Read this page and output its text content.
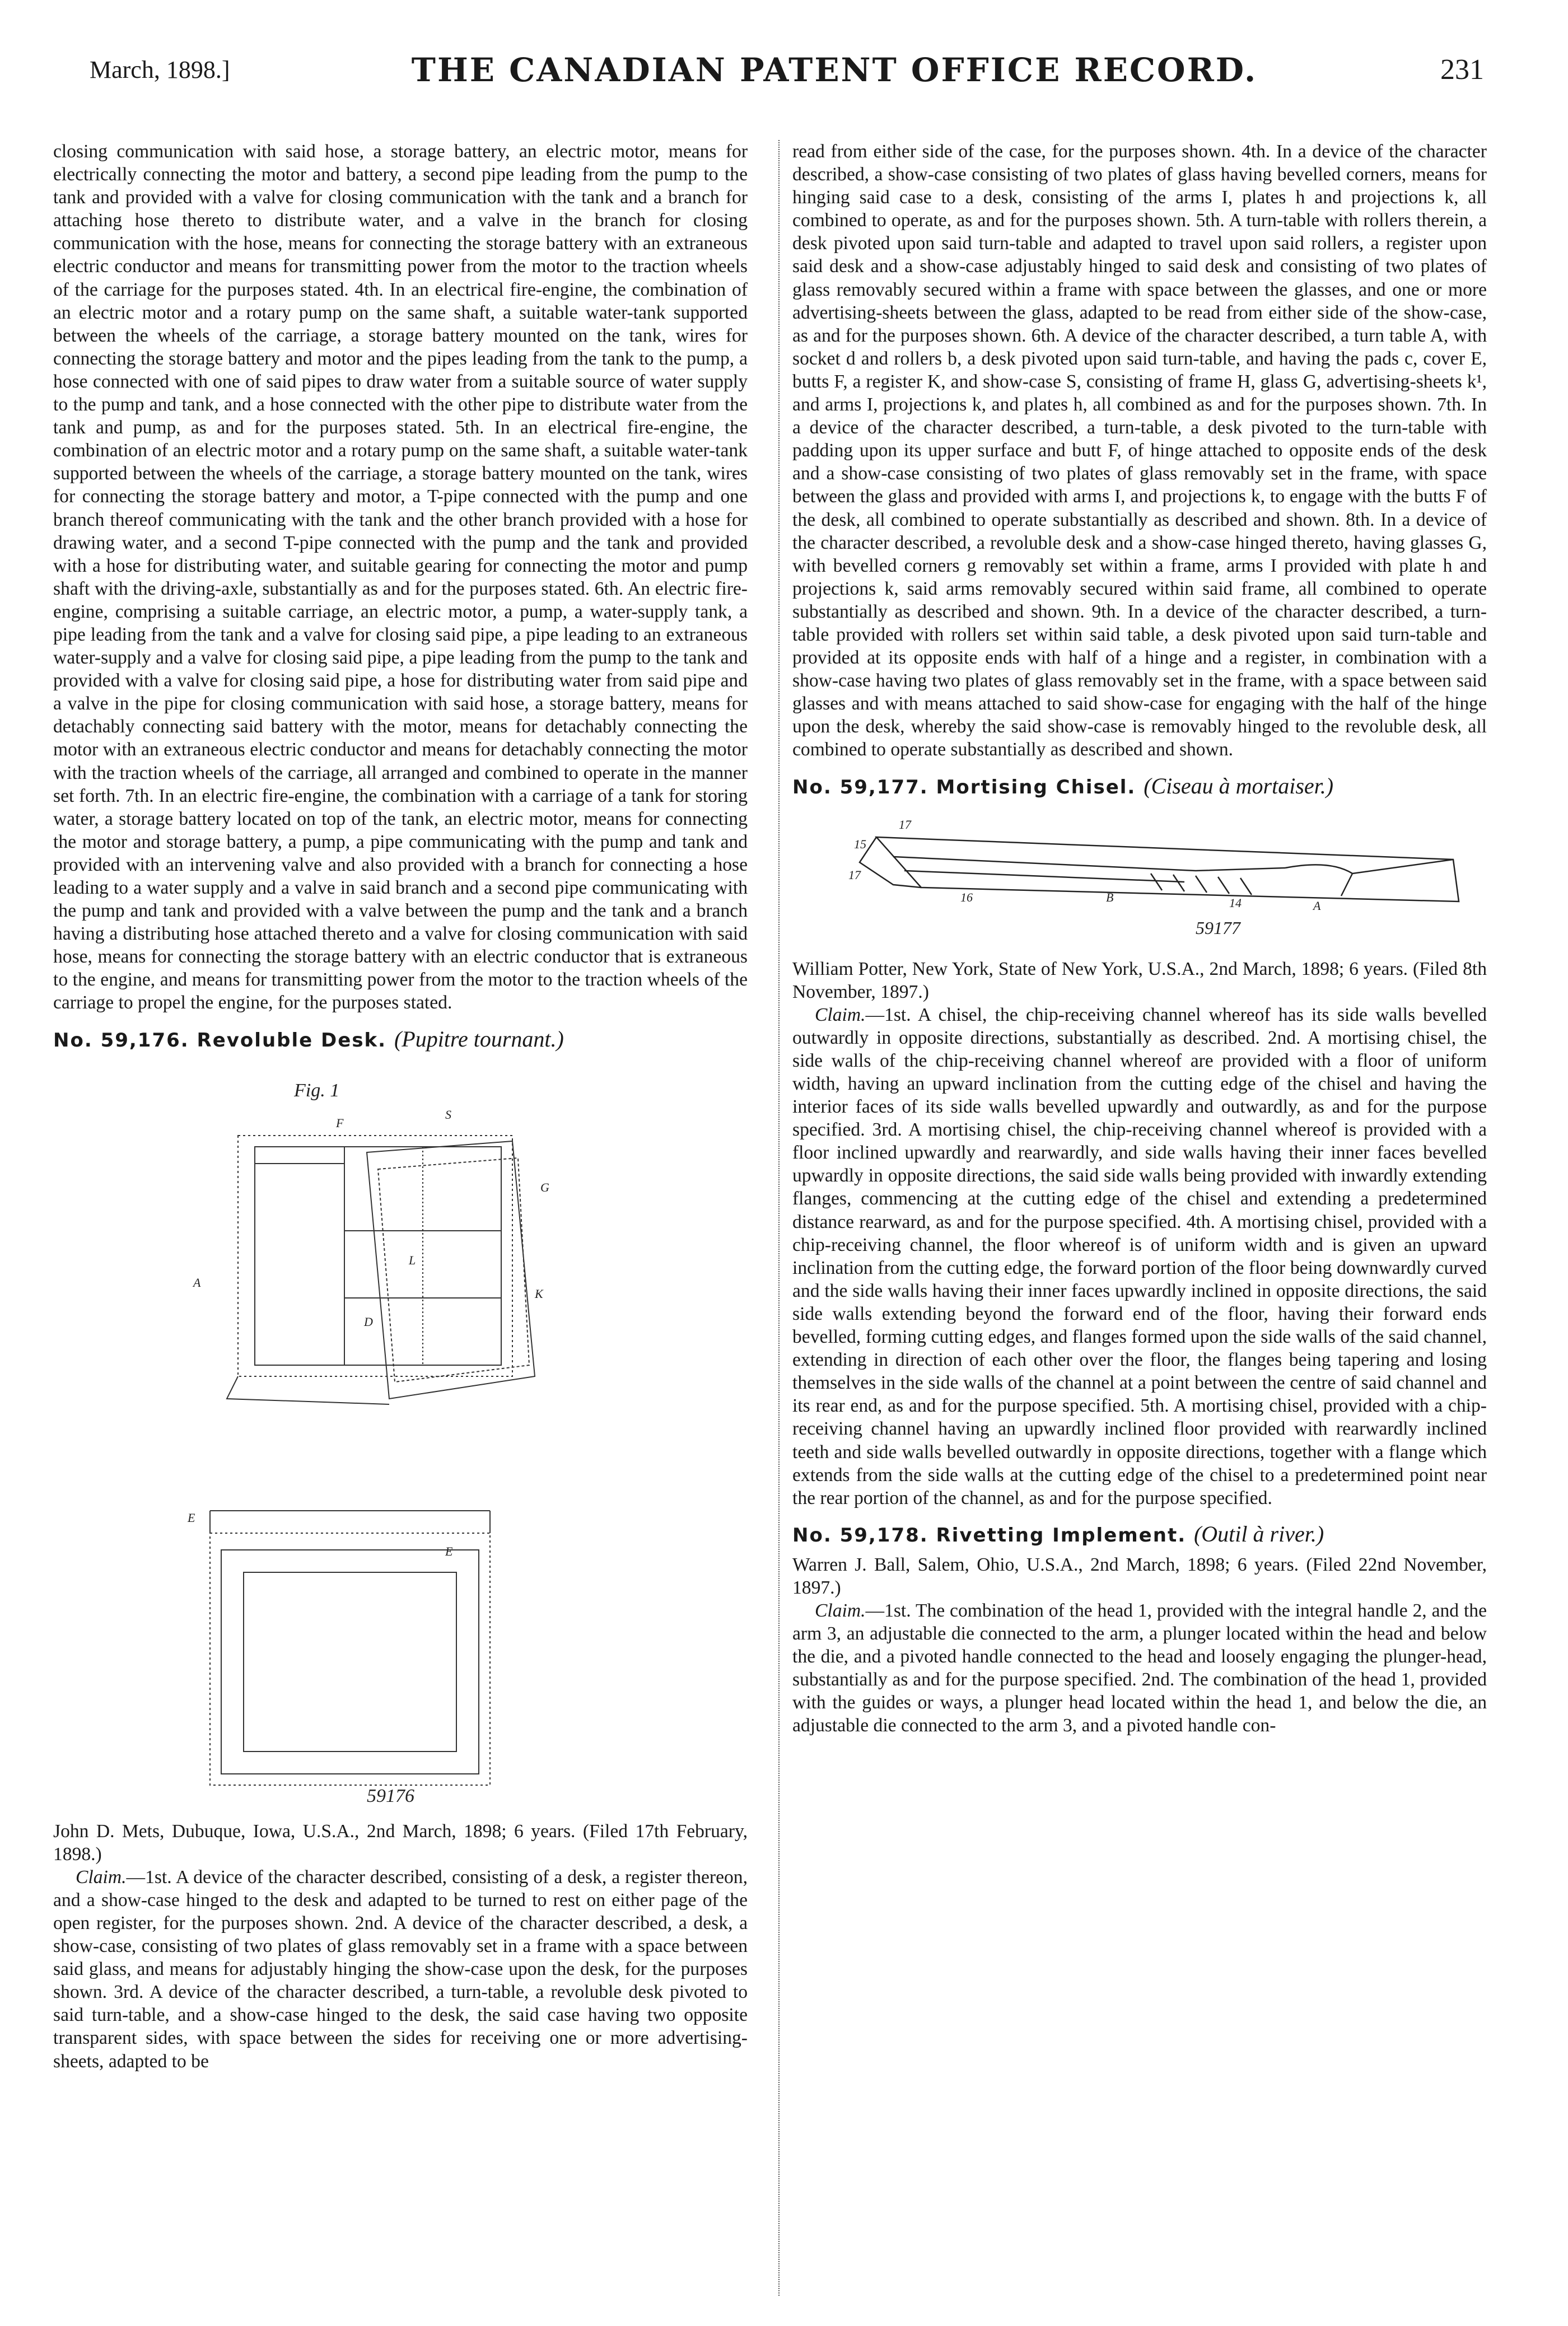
March, 1898.]	THE CANADIAN PATENT OFFICE RECORD.	231

closing communication with said hose, a storage battery, an electric motor, means for electrically connecting the motor and battery, a second pipe leading from the pump to the tank and provided with a valve for closing communication with the tank and a branch for attaching hose thereto to distribute water, and a valve in the branch for closing communication with the hose, means for connecting the storage battery with an extraneous electric conductor and means for transmitting power from the motor to the traction wheels of the carriage for the purposes stated. 4th. In an electrical fire-engine, the combination of an electric motor and a rotary pump on the same shaft, a suitable water-tank supported between the wheels of the carriage, a storage battery mounted on the tank, wires for connecting the storage battery and motor and the pipes leading from the tank to the pump, a hose connected with one of said pipes to draw water from a suitable source of water supply to the pump and tank, and a hose connected with the other pipe to distribute water from the tank and pump, as and for the purposes stated. 5th. In an electrical fire-engine, the combination of an electric motor and a rotary pump on the same shaft, a suitable water-tank supported between the wheels of the carriage, a storage battery mounted on the tank, wires for connecting the storage battery and motor, a T-pipe connected with the pump and one branch thereof communicating with the tank and the other branch provided with a hose for drawing water, and a second T-pipe connected with the pump and the tank and provided with a hose for distributing water, and suitable gearing for connecting the motor and pump shaft with the driving-axle, substantially as and for the purposes stated. 6th. An electric fire-engine, comprising a suitable carriage, an electric motor, a pump, a water-supply tank, a pipe leading from the tank and a valve for closing said pipe, a pipe leading to an extraneous water-supply and a valve for closing said pipe, a pipe leading from the pump to the tank and provided with a valve for closing said pipe, a hose for distributing water from said pipe and a valve in the pipe for closing communication with said hose, a storage battery, means for detachably connecting said battery with the motor, means for detachably connecting the motor with an extraneous electric conductor and means for detachably connecting the motor with the traction wheels of the carriage, all arranged and combined to operate in the manner set forth. 7th. In an electric fire-engine, the combination with a carriage of a tank for storing water, a storage battery located on top of the tank, an electric motor, means for connecting the motor and storage battery, a pump, a pipe communicating with the pump and tank and provided with an intervening valve and also provided with a branch for connecting a hose leading to a water supply and a valve in said branch and a second pipe communicating with the pump and tank and provided with a valve between the pump and the tank and a branch having a distributing hose attached thereto and a valve for closing communication with said hose, means for connecting the storage battery with an electric conductor that is extraneous to the engine, and means for transmitting power from the motor to the traction wheels of the carriage to propel the engine, for the purposes stated.

No. 59,176. Revoluble Desk. (Pupitre tournant.)
Fig. 1
59176
F
S
G
A
K
L
D
E
E

John D. Mets, Dubuque, Iowa, U.S.A., 2nd March, 1898; 6 years. (Filed 17th February, 1898.)

Claim.—1st. A device of the character described, consisting of a desk, a register thereon, and a show-case hinged to the desk and adapted to be turned to rest on either page of the open register, for the purposes shown. 2nd. A device of the character described, a desk, a show-case, consisting of two plates of glass removably set in a frame with a space between said glass, and means for adjustably hinging the show-case upon the desk, for the purposes shown. 3rd. A device of the character described, a turn-table, a revoluble desk pivoted to said turn-table, and a show-case hinged to the desk, the said case having two opposite transparent sides, with space between the sides for receiving one or more advertising-sheets, adapted to be

read from either side of the case, for the purposes shown. 4th. In a device of the character described, a show-case consisting of two plates of glass having bevelled corners, means for hinging said case to a desk, consisting of the arms I, plates h and projections k, all combined to operate, as and for the purposes shown. 5th. A turn-table with rollers therein, a desk pivoted upon said turn-table and adapted to travel upon said rollers, a register upon said desk and a show-case adjustably hinged to said desk and consisting of two plates of glass removably secured within a frame with space between the glasses, and one or more advertising-sheets between the glass, adapted to be read from either side of the show-case, as and for the purposes shown. 6th. A device of the character described, a turn table A, with socket d and rollers b, a desk pivoted upon said turn-table, and having the pads c, cover E, butts F, a register K, and show-case S, consisting of frame H, glass G, advertising-sheets k¹, and arms I, projections k, and plates h, all combined as and for the purposes shown. 7th. In a device of the character described, a turn-table, a desk pivoted to the turn-table with padding upon its upper surface and butt F, of hinge attached to opposite ends of the desk and a show-case consisting of two plates of glass removably set in the frame, with space between the glass and provided with arms I, and projections k, to engage with the butts F of the desk, all combined to operate substantially as described and shown. 8th. In a device of the character described, a revoluble desk and a show-case hinged thereto, having glasses G, with bevelled corners g removably set within a frame, arms I provided with plate h and projections k, said arms removably secured within said frame, all combined to operate substantially as described and shown. 9th. In a device of the character described, a turn-table provided with rollers set within said table, a desk pivoted upon said turn-table and provided at its opposite ends with half of a hinge and a register, in combination with a show-case having two plates of glass removably set in the frame, with a space between said glasses and with means attached to said show-case for engaging with the half of the hinge upon the desk, whereby the said show-case is removably hinged to the revoluble desk, all combined to operate substantially as described and shown.

No. 59,177. Mortising Chisel. (Ciseau à mortaiser.)
17
15
17
16	B	14	A
59177

William Potter, New York, State of New York, U.S.A., 2nd March, 1898; 6 years. (Filed 8th November, 1897.)

Claim.—1st. A chisel, the chip-receiving channel whereof has its side walls bevelled outwardly in opposite directions, substantially as described. 2nd. A mortising chisel, the side walls of the chip-receiving channel whereof are provided with a floor of uniform width, having an upward inclination from the cutting edge of the chisel and having the interior faces of its side walls bevelled upwardly and outwardly, as and for the purpose specified. 3rd. A mortising chisel, the chip-receiving channel whereof is provided with a floor inclined upwardly and rearwardly, and side walls having their inner faces bevelled upwardly in opposite directions, the said side walls being provided with inwardly extending flanges, commencing at the cutting edge of the chisel and extending a predetermined distance rearward, as and for the purpose specified. 4th. A mortising chisel, provided with a chip-receiving channel, the floor whereof is of uniform width and is given an upward inclination from the cutting edge, the forward portion of the floor being downwardly curved and the side walls having their inner faces upwardly inclined in opposite directions, the said side walls extending beyond the forward end of the floor, having their forward ends bevelled, forming cutting edges, and flanges formed upon the side walls of the said channel, extending in direction of each other over the floor, the flanges being tapering and losing themselves in the side walls of the channel at a point between the centre of said channel and its rear end, as and for the purpose specified. 5th. A mortising chisel, provided with a chip-receiving channel having an upwardly inclined floor provided with rearwardly inclined teeth and side walls bevelled outwardly in opposite directions, together with a flange which extends from the side walls at the cutting edge of the chisel to a predetermined point near the rear portion of the channel, as and for the purpose specified.

No. 59,178. Rivetting Implement. (Outil à river.)

Warren J. Ball, Salem, Ohio, U.S.A., 2nd March, 1898; 6 years. (Filed 22nd November, 1897.)

Claim.—1st. The combination of the head 1, provided with the integral handle 2, and the arm 3, an adjustable die connected to the arm, a plunger located within the head and below the die, and a pivoted handle connected to the head and loosely engaging the plunger-head, substantially as and for the purpose specified. 2nd. The combination of the head 1, provided with the guides or ways, a plunger head located within the head 1, and below the die, an adjustable die connected to the arm 3, and a pivoted handle con-
